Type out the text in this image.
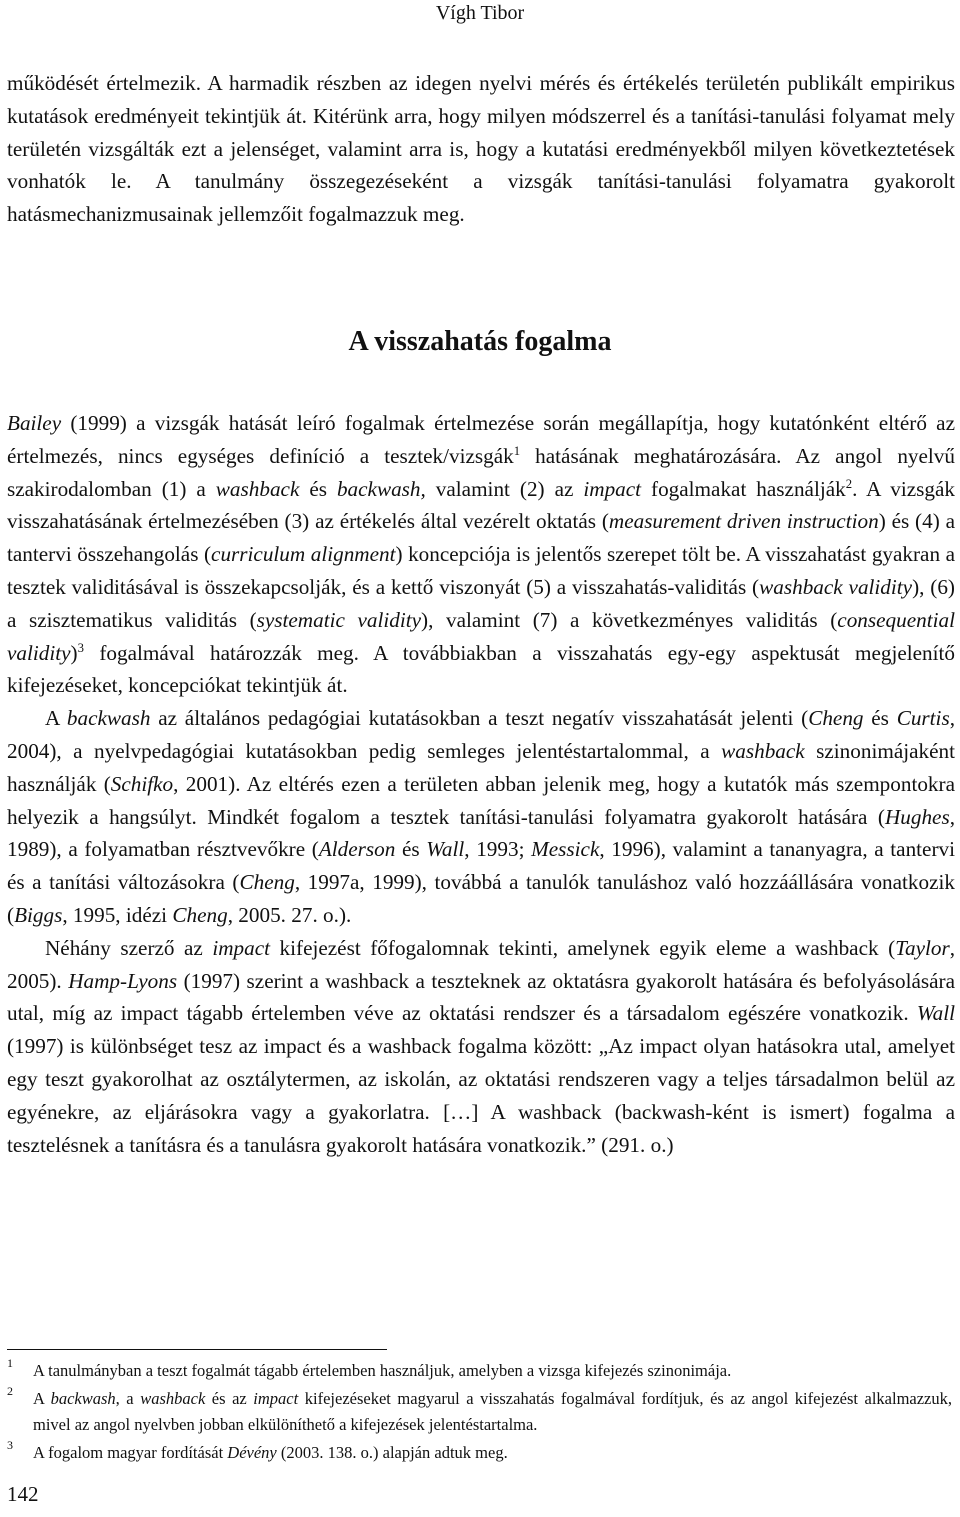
Vígh Tibor

működését értelmezik. A harmadik részben az idegen nyelvi mérés és értékelés területén publikált empirikus kutatások eredményeit tekintjük át. Kitérünk arra, hogy milyen módszerrel és a tanítási-tanulási folyamat mely területén vizsgálták ezt a jelenséget, valamint arra is, hogy a kutatási eredményekből milyen következtetések vonhatók le. A tanulmány összegezéseként a vizsgák tanítási-tanulási folyamatra gyakorolt hatásmechanizmusainak jellemzőit fogalmazzuk meg.

A visszahatás fogalma

Bailey (1999) a vizsgák hatását leíró fogalmak értelmezése során megállapítja, hogy kutatónként eltérő az értelmezés, nincs egységes definíció a tesztek/vizsgák$^1$ hatásának meghatározására. Az angol nyelvű szakirodalomban (1) a washback és backwash, valamint (2) az impact fogalmakat használják$^2$. A vizsgák visszahatásának értelmezésében (3) az értékelés által vezérelt oktatás (measurement driven instruction) és (4) a tantervi összehangolás (curriculum alignment) koncepciója is jelentős szerepet tölt be. A visszahatást gyakran a tesztek validitásával is összekapcsolják, és a kettő viszonyát (5) a visszahatás-validitás (washback validity), (6) a szisztematikus validitás (systematic validity), valamint (7) a következményes validitás (consequential validity)$^3$ fogalmával határozzák meg. A továbbiakban a visszahatás egy-egy aspektusát megjelenítő kifejezéseket, koncepciókat tekintjük át.

A backwash az általános pedagógiai kutatásokban a teszt negatív visszahatását jelenti (Cheng és Curtis, 2004), a nyelvpedagógiai kutatásokban pedig semleges jelentéstartalommal, a washback szinonimájaként használják (Schifko, 2001). Az eltérés ezen a területen abban jelenik meg, hogy a kutatók más szempontokra helyezik a hangsúlyt. Mindkét fogalom a tesztek tanítási-tanulási folyamatra gyakorolt hatására (Hughes, 1989), a folyamatban résztvevőkre (Alderson és Wall, 1993; Messick, 1996), valamint a tananyagra, a tantervi és a tanítási változásokra (Cheng, 1997a, 1999), továbbá a tanulók tanuláshoz való hozzáállására vonatkozik (Biggs, 1995, idézi Cheng, 2005. 27. o.).

Néhány szerző az impact kifejezést főfogalomnak tekinti, amelynek egyik eleme a washback (Taylor, 2005). Hamp-Lyons (1997) szerint a washback a teszteknek az oktatásra gyakorolt hatására és befolyásolására utal, míg az impact tágabb értelemben véve az oktatási rendszer és a társadalom egészére vonatkozik. Wall (1997) is különbséget tesz az impact és a washback fogalma között: „Az impact olyan hatásokra utal, amelyet egy teszt gyakorolhat az osztálytermen, az iskolán, az oktatási rendszeren vagy a teljes társadalmon belül az egyénekre, az eljárásokra vagy a gyakorlatra. […] A washback (backwash-ként is ismert) fogalma a tesztelésnek a tanításra és a tanulásra gyakorolt hatására vonatkozik.” (291. o.)

1 A tanulmányban a teszt fogalmát tágabb értelemben használjuk, amelyben a vizsga kifejezés szinonimája.
2 A backwash, a washback és az impact kifejezéseket magyarul a visszahatás fogalmával fordítjuk, és az angol kifejezést alkalmazzuk, mivel az angol nyelvben jobban elkülöníthető a kifejezések jelentéstartalma.
3 A fogalom magyar fordítását Dévény (2003. 138. o.) alapján adtuk meg.
142
